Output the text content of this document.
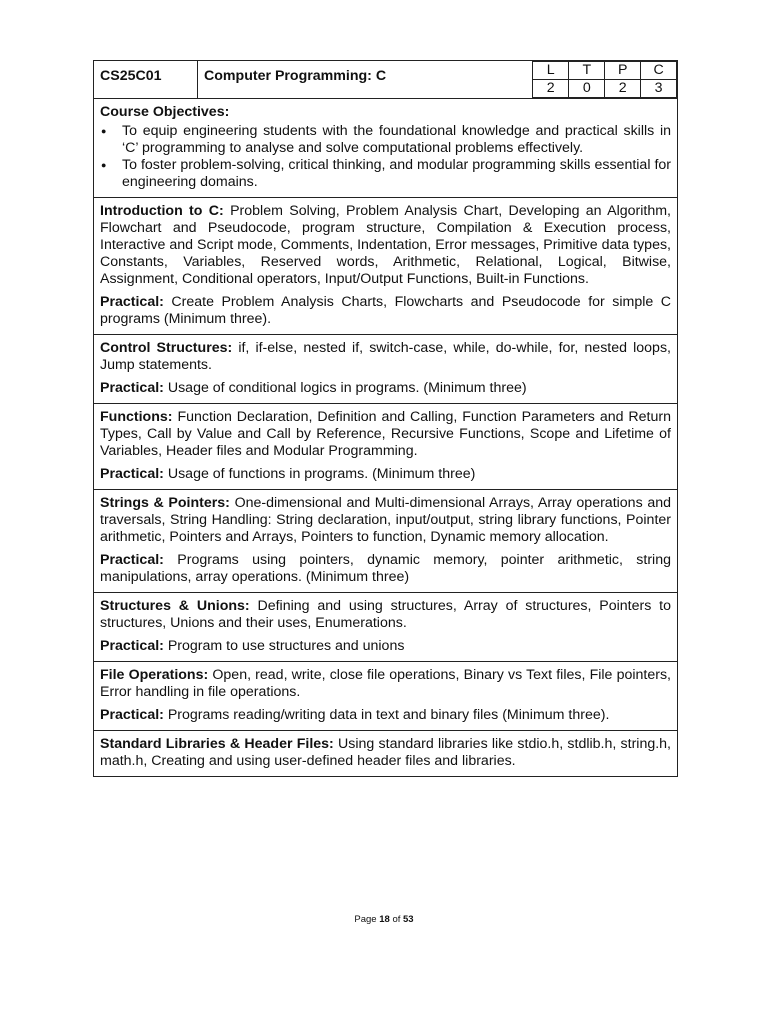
CS25C01	Computer Programming: C		L	T	P	C
2	0	2	3

Course Objectives:

● To equip engineering students with the foundational knowledge and practical skills in ‘C’ programming to analyse and solve computational problems effectively.
● To foster problem-solving, critical thinking, and modular programming skills essential for engineering domains.

Introduction to C: Problem Solving, Problem Analysis Chart, Developing an Algorithm, Flowchart and Pseudocode, program structure, Compilation & Execution process, Interactive and Script mode, Comments, Indentation, Error messages, Primitive data types, Constants, Variables, Reserved words, Arithmetic, Relational, Logical, Bitwise, Assignment, Conditional operators, Input/Output Functions, Built-in Functions.

Practical: Create Problem Analysis Charts, Flowcharts and Pseudocode for simple C programs (Minimum three).

Control Structures: if, if-else, nested if, switch-case, while, do-while, for, nested loops, Jump statements.

Practical: Usage of conditional logics in programs. (Minimum three)

Functions: Function Declaration, Definition and Calling, Function Parameters and Return Types, Call by Value and Call by Reference, Recursive Functions, Scope and Lifetime of Variables, Header files and Modular Programming.

Practical: Usage of functions in programs. (Minimum three)

Strings & Pointers: One-dimensional and Multi-dimensional Arrays, Array operations and traversals, String Handling: String declaration, input/output, string library functions, Pointer arithmetic, Pointers and Arrays, Pointers to function, Dynamic memory allocation.

Practical: Programs using pointers, dynamic memory, pointer arithmetic, string manipulations, array operations. (Minimum three)

Structures & Unions: Defining and using structures, Array of structures, Pointers to structures, Unions and their uses, Enumerations.

Practical: Program to use structures and unions

File Operations: Open, read, write, close file operations, Binary vs Text files, File pointers, Error handling in file operations.

Practical: Programs reading/writing data in text and binary files (Minimum three).

Standard Libraries & Header Files: Using standard libraries like stdio.h, stdlib.h, string.h, math.h, Creating and using user-defined header files and libraries.

Page 18 of 53
